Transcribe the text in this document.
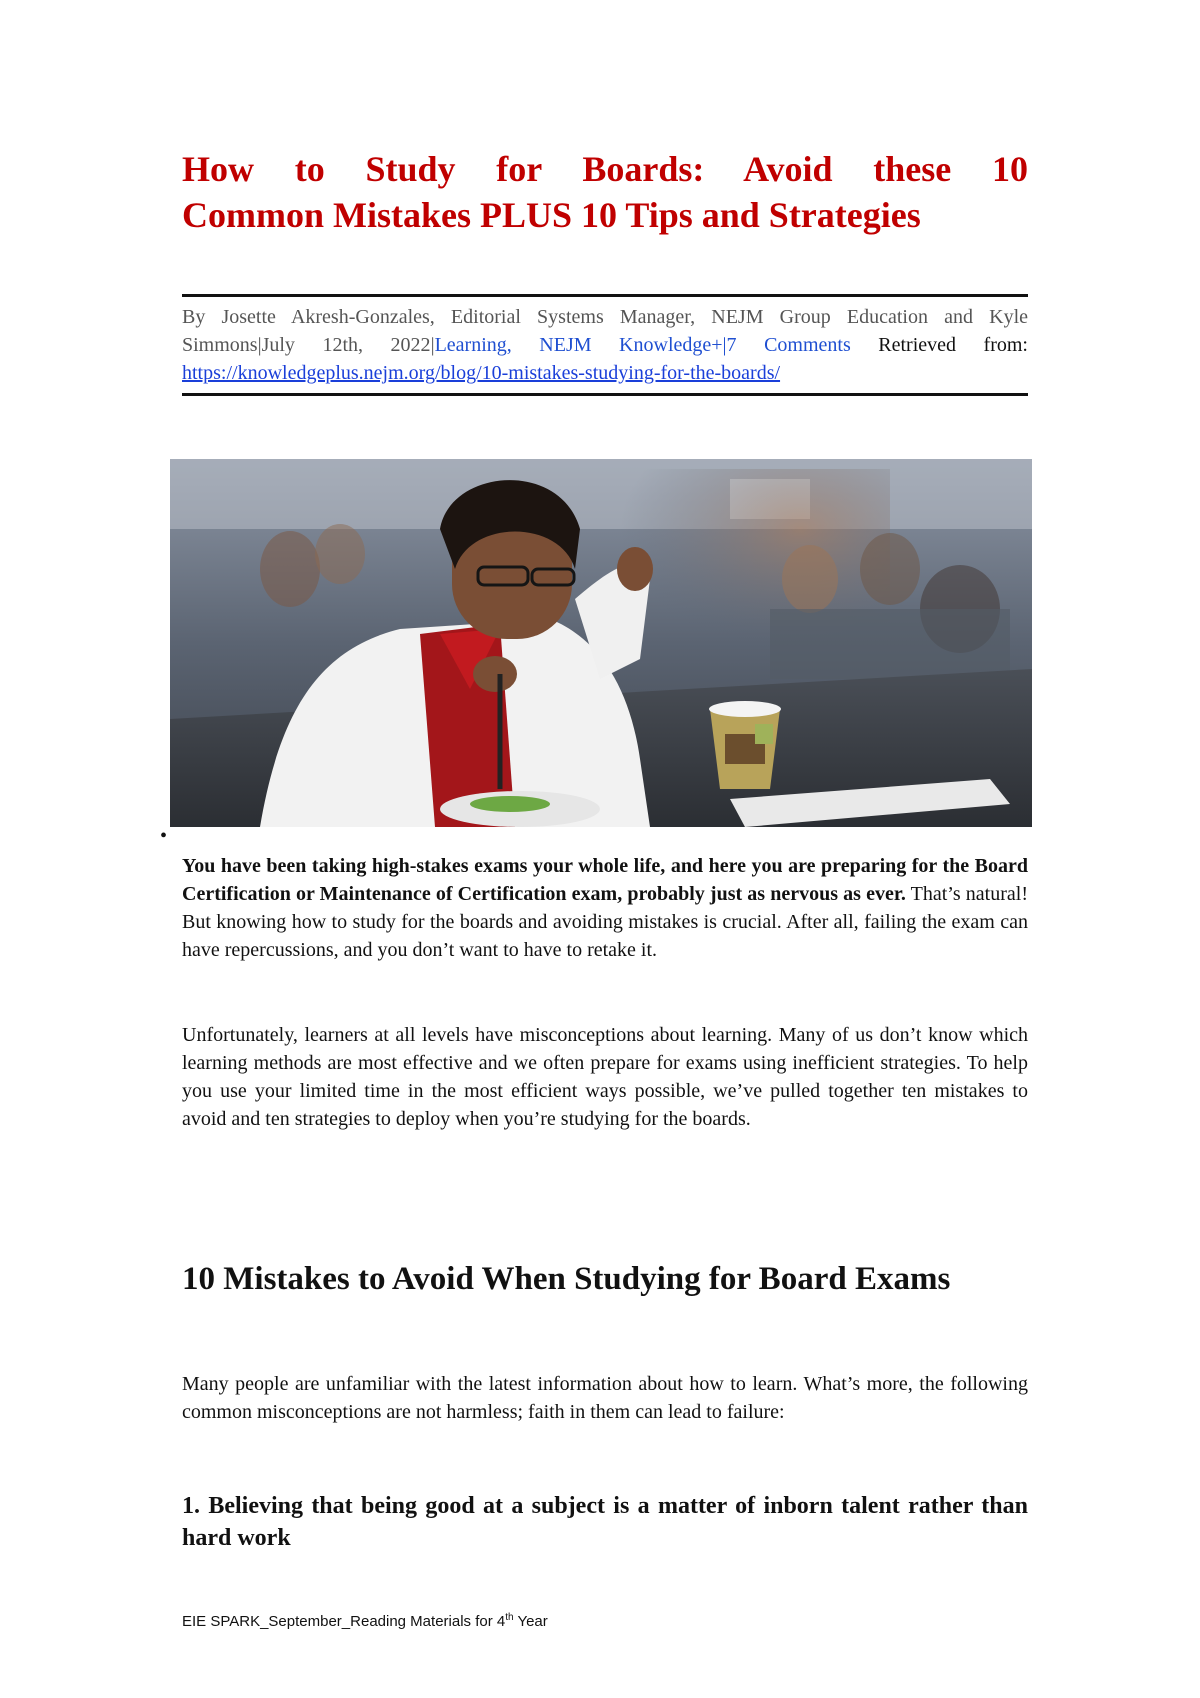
How to Study for Boards: Avoid these 10
Common Mistakes PLUS 10 Tips and Strategies

By Josette Akresh-Gonzales, Editorial Systems Manager, NEJM Group Education and Kyle Simmons|July 12th, 2022|Learning, NEJM Knowledge+|7 Comments Retrieved from: https://knowledgeplus.nejm.org/blog/10-mistakes-studying-for-the-boards/

•

You have been taking high-stakes exams your whole life, and here you are preparing for the Board Certification or Maintenance of Certification exam, probably just as nervous as ever. That’s natural! But knowing how to study for the boards and avoiding mistakes is crucial. After all, failing the exam can have repercussions, and you don’t want to have to retake it.

Unfortunately, learners at all levels have misconceptions about learning. Many of us don’t know which learning methods are most effective and we often prepare for exams using inefficient strategies. To help you use your limited time in the most efficient ways possible, we’ve pulled together ten mistakes to avoid and ten strategies to deploy when you’re studying for the boards.

10 Mistakes to Avoid When Studying for Board Exams

Many people are unfamiliar with the latest information about how to learn. What’s more, the following common misconceptions are not harmless; faith in them can lead to failure:

1. Believing that being good at a subject is a matter of inborn talent rather than hard work
EIE SPARK_September_Reading Materials for 4th Year
